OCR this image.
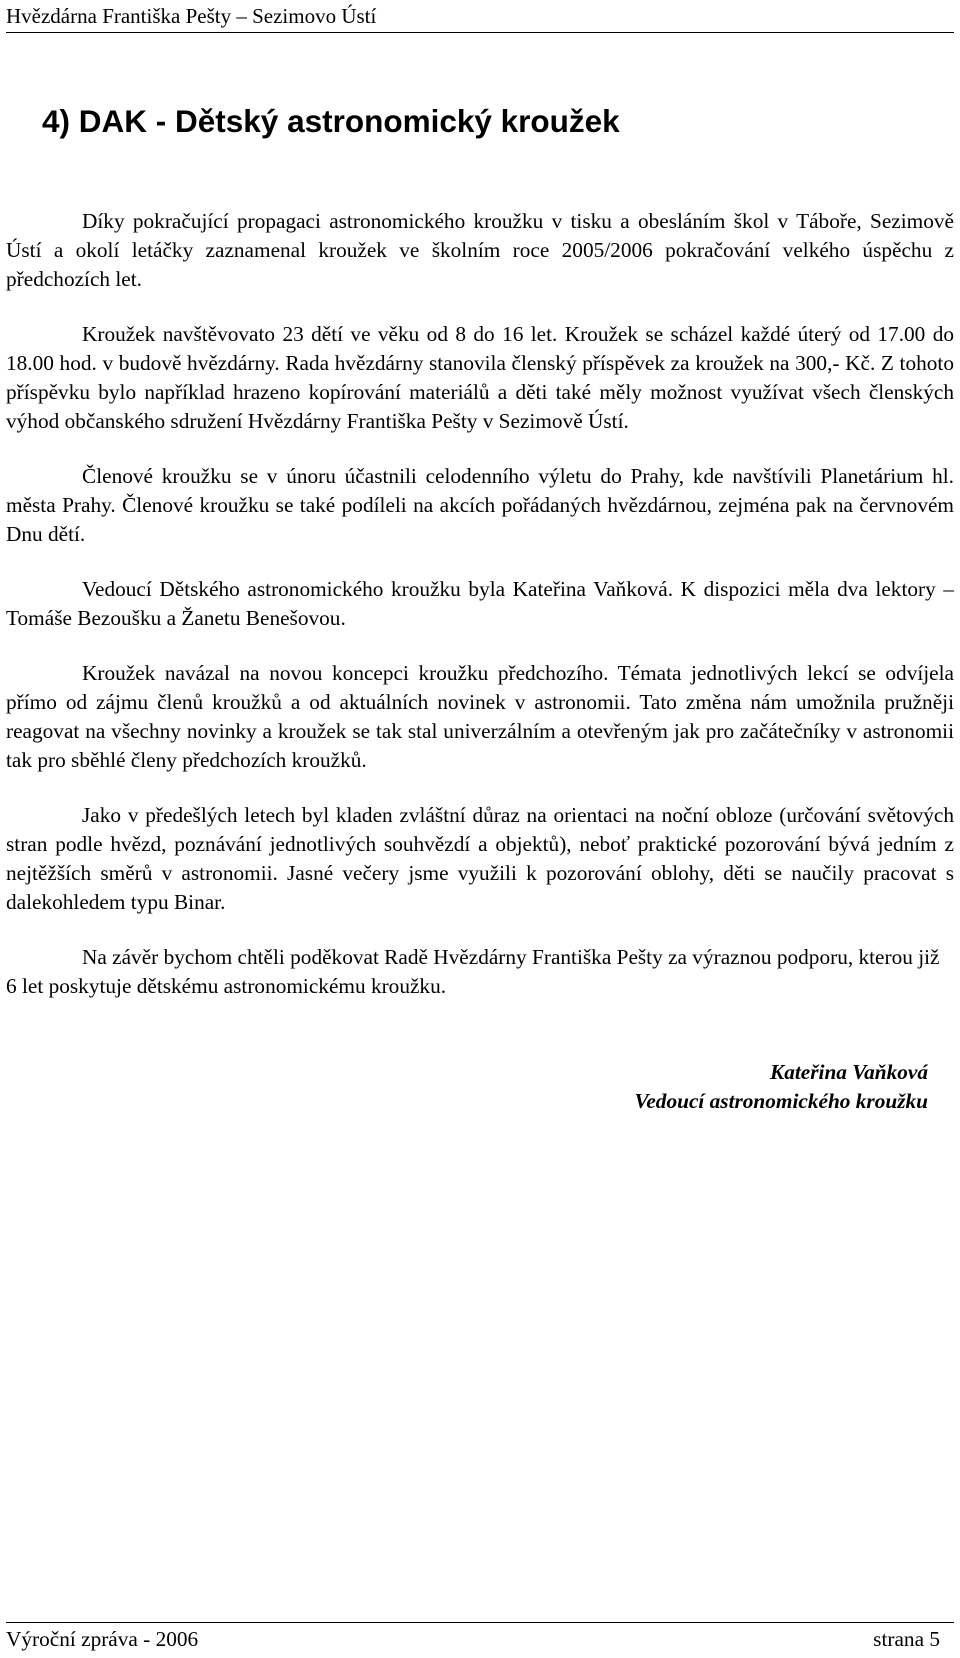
Hvězdárna Františka Pešty – Sezimovo Ústí
4) DAK - Dětský astronomický kroužek

Díky pokračující propagaci astronomického kroužku v tisku a obesláním škol v Táboře, Sezimově Ústí a okolí letáčky zaznamenal kroužek ve školním roce 2005/2006 pokračování velkého úspěchu z předchozích let.

Kroužek navštěvovato 23 dětí ve věku od 8 do 16 let. Kroužek se scházel každé úterý od 17.00 do 18.00 hod. v budově hvězdárny. Rada hvězdárny stanovila členský příspěvek za kroužek na 300,- Kč. Z tohoto příspěvku bylo například hrazeno kopírování materiálů a děti také měly možnost využívat všech členských výhod občanského sdružení Hvězdárny Františka Pešty v Sezimově Ústí.

Členové kroužku se v únoru účastnili celodenního výletu do Prahy, kde navštívili Planetárium hl. města Prahy. Členové kroužku se také podíleli na akcích pořádaných hvězdárnou, zejména pak na červnovém Dnu dětí.

Vedoucí Dětského astronomického kroužku byla Kateřina Vaňková. K dispozici měla dva lektory – Tomáše Bezoušku a Žanetu Benešovou.

Kroužek navázal na novou koncepci kroužku předchozího. Témata jednotlivých lekcí se odvíjela přímo od zájmu členů kroužků a od aktuálních novinek v astronomii. Tato změna nám umožnila pružněji reagovat na všechny novinky a kroužek se tak stal univerzálním a otevřeným jak pro začátečníky v astronomii tak pro sběhlé členy předchozích kroužků.

Jako v předešlých letech byl kladen zvláštní důraz na orientaci na noční obloze (určování světových stran podle hvězd, poznávání jednotlivých souhvězdí a objektů), neboť praktické pozorování bývá jedním z nejtěžších směrů v astronomii. Jasné večery jsme využili k pozorování oblohy, děti se naučily pracovat s dalekohledem typu Binar.

Na závěr bychom chtěli poděkovat Radě Hvězdárny Františka Pešty za výraznou podporu, kterou již 6 let poskytuje dětskému astronomickému kroužku.

Kateřina Vaňková
Vedoucí astronomického kroužku
Výroční zpráva - 2006	strana 5
